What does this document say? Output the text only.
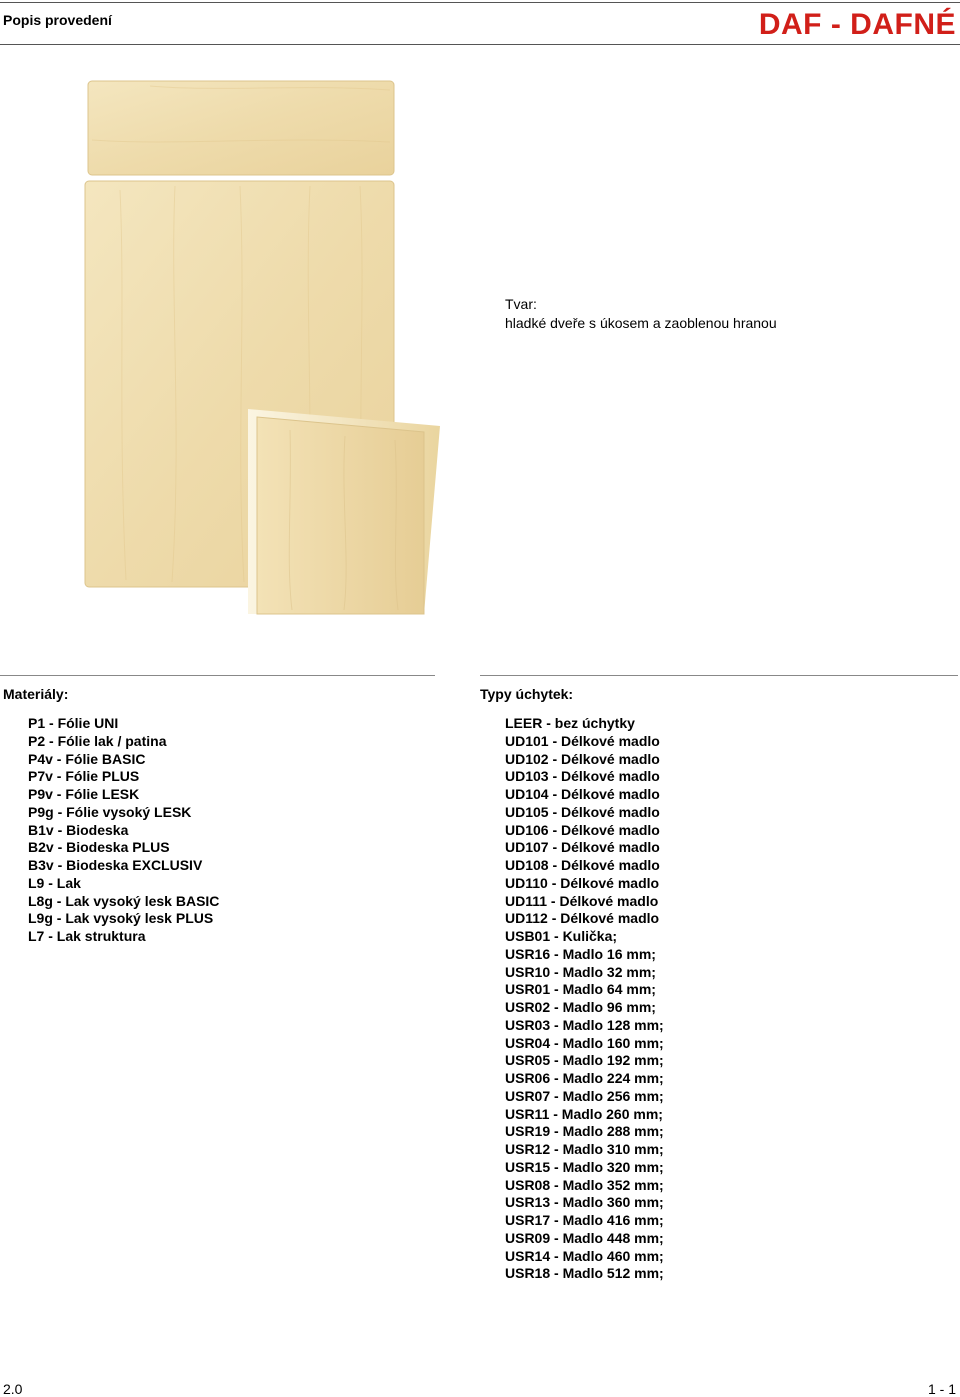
Popis provedení	DAF - DAFNÉ
Tvar:
hladké dveře s úkosem a zaoblenou hranou
Materiály:
P1 - Fólie UNI
P2 - Fólie lak / patina
P4v - Fólie BASIC
P7v - Fólie PLUS
P9v - Fólie LESK
P9g - Fólie vysoký LESK
B1v - Biodeska
B2v - Biodeska PLUS
B3v - Biodeska EXCLUSIV
L9 - Lak
L8g - Lak vysoký lesk BASIC
L9g - Lak vysoký lesk PLUS
L7 - Lak struktura
Typy úchytek:
LEER - bez úchytky
UD101 - Délkové madlo
UD102 - Délkové madlo
UD103 - Délkové madlo
UD104 - Délkové madlo
UD105 - Délkové madlo
UD106 - Délkové madlo
UD107 - Délkové madlo
UD108 - Délkové madlo
UD110 - Délkové madlo
UD111 - Délkové madlo
UD112 - Délkové madlo
USB01 - Kulička;
USR16 - Madlo 16 mm;
USR10 - Madlo 32 mm;
USR01 - Madlo 64 mm;
USR02 - Madlo 96 mm;
USR03 - Madlo 128 mm;
USR04 - Madlo 160 mm;
USR05 - Madlo 192 mm;
USR06 - Madlo 224 mm;
USR07 - Madlo 256 mm;
USR11 - Madlo 260 mm;
USR19 - Madlo 288 mm;
USR12 - Madlo 310 mm;
USR15 - Madlo 320 mm;
USR08 - Madlo 352 mm;
USR13 - Madlo 360 mm;
USR17 - Madlo 416 mm;
USR09 - Madlo 448 mm;
USR14 - Madlo 460 mm;
USR18 - Madlo 512 mm;
2.0	1 - 1
